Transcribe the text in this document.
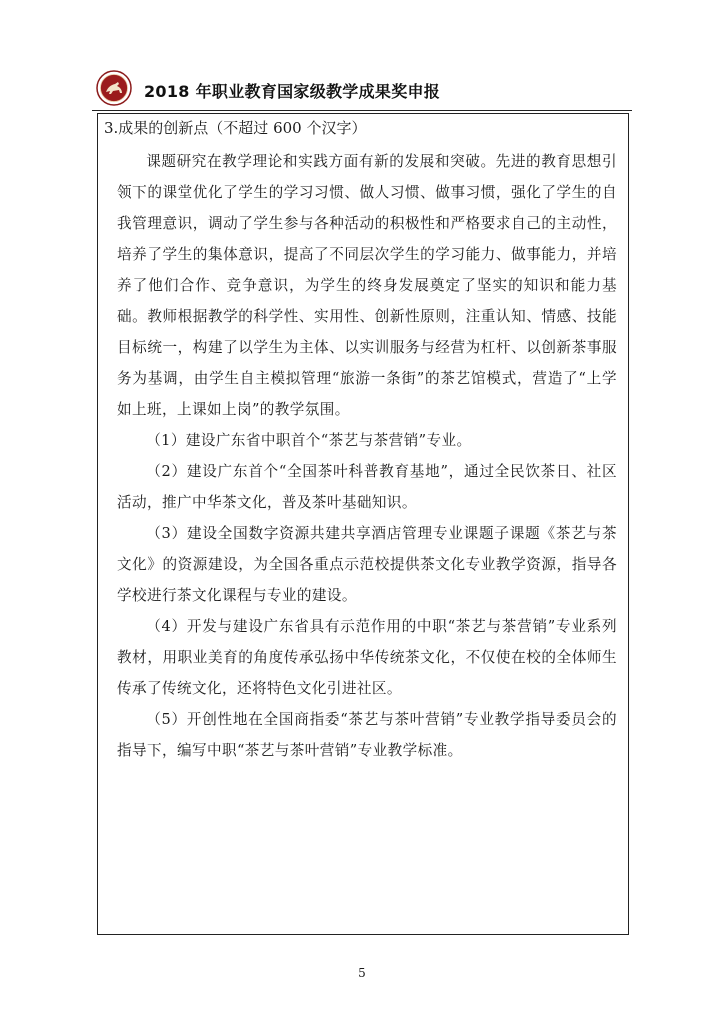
2018 年职业教育国家级教学成果奖申报
3.成果的创新点（不超过 600 个汉字）

课题研究在教学理论和实践方面有新的发展和突破。先进的教育思想引领下的课堂优化了学生的学习习惯、做人习惯、做事习惯，强化了学生的自我管理意识，调动了学生参与各种活动的积极性和严格要求自己的主动性，培养了学生的集体意识，提高了不同层次学生的学习能力、做事能力，并培养了他们合作、竞争意识，为学生的终身发展奠定了坚实的知识和能力基础。教师根据教学的科学性、实用性、创新性原则，注重认知、情感、技能目标统一，构建了以学生为主体、以实训服务与经营为杠杆、以创新茶事服务为基调，由学生自主模拟管理“旅游一条街”的茶艺馆模式，营造了“上学如上班，上课如上岗”的教学氛围。

（1）建设广东省中职首个“茶艺与茶营销”专业。

（2）建设广东首个“全国茶叶科普教育基地”，通过全民饮茶日、社区活动，推广中华茶文化，普及茶叶基础知识。

（3）建设全国数字资源共建共享酒店管理专业课题子课题《茶艺与茶文化》的资源建设，为全国各重点示范校提供茶文化专业教学资源，指导各学校进行茶文化课程与专业的建设。

（4）开发与建设广东省具有示范作用的中职“茶艺与茶营销”专业系列教材，用职业美育的角度传承弘扬中华传统茶文化，不仅使在校的全体师生传承了传统文化，还将特色文化引进社区。

（5）开创性地在全国商指委“茶艺与茶叶营销”专业教学指导委员会的指导下，编写中职“茶艺与茶叶营销”专业教学标准。

5
